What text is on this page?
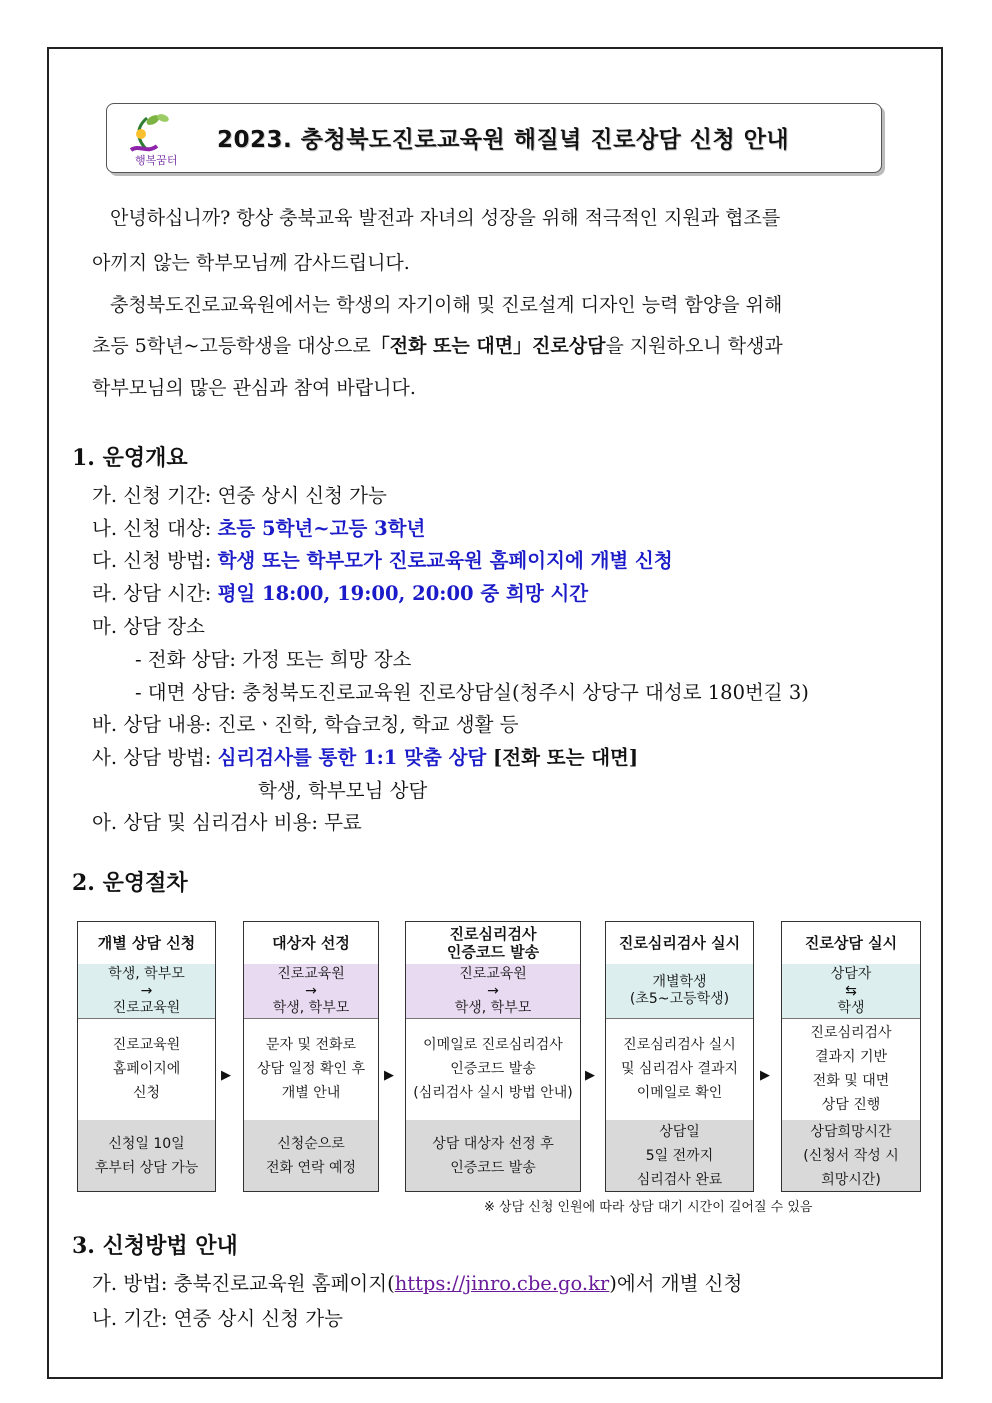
행복꿈터
2023. 충청북도진로교육원 해질녘 진로상담 신청 안내
안녕하십니까? 항상 충북교육 발전과 자녀의 성장을 위해 적극적인 지원과 협조를
아끼지 않는 학부모님께 감사드립니다.
충청북도진로교육원에서는 학생의 자기이해 및 진로설계 디자인 능력 함양을 위해
초등 5학년~고등학생을 대상으로「전화 또는 대면」진로상담을 지원하오니 학생과
학부모님의 많은 관심과 참여 바랍니다.
1. 운영개요
가. 신청 기간: 연중 상시 신청 가능
나. 신청 대상: 초등 5학년~고등 3학년
다. 신청 방법: 학생 또는 학부모가 진로교육원 홈페이지에 개별 신청
라. 상담 시간: 평일 18:00, 19:00, 20:00 중 희망 시간
마. 상담 장소
- 전화 상담: 가정 또는 희망 장소
- 대면 상담: 충청북도진로교육원 진로상담실(청주시 상당구 대성로 180번길 3)
바. 상담 내용: 진로ㆍ진학, 학습코칭, 학교 생활 등
사. 상담 방법: 심리검사를 통한 1:1 맞춤 상담 [전화 또는 대면]
학생, 학부모님 상담
아. 상담 및 심리검사 비용: 무료
2. 운영절차
개별 상담 신청
학생, 학부모
→
진로교육원
진로교육원
홈페이지에
신청
신청일 10일
후부터 상담 가능
대상자 선정
진로교육원
→
학생, 학부모
문자 및 전화로
상담 일정 확인 후
개별 안내
신청순으로
전화 연락 예정
진로심리검사
인증코드 발송
진로교육원
→
학생, 학부모
이메일로 진로심리검사
인증코드 발송
(심리검사 실시 방법 안내)
상담 대상자 선정 후
인증코드 발송
진로심리검사 실시
개별학생
(초5~고등학생)
진로심리검사 실시
및 심리검사 결과지
이메일로 확인
상담일
5일 전까지
심리검사 완료
진로상담 실시
상담자
⇆
학생
진로심리검사
결과지 기반
전화 및 대면
상담 진행
상담희망시간
(신청서 작성 시
희망시간)
▶	▶	▶	▶
※ 상담 신청 인원에 따라 상담 대기 시간이 길어질 수 있음
3. 신청방법 안내
가. 방법: 충북진로교육원 홈페이지(https://jinro.cbe.go.kr)에서 개별 신청
나. 기간: 연중 상시 신청 가능
